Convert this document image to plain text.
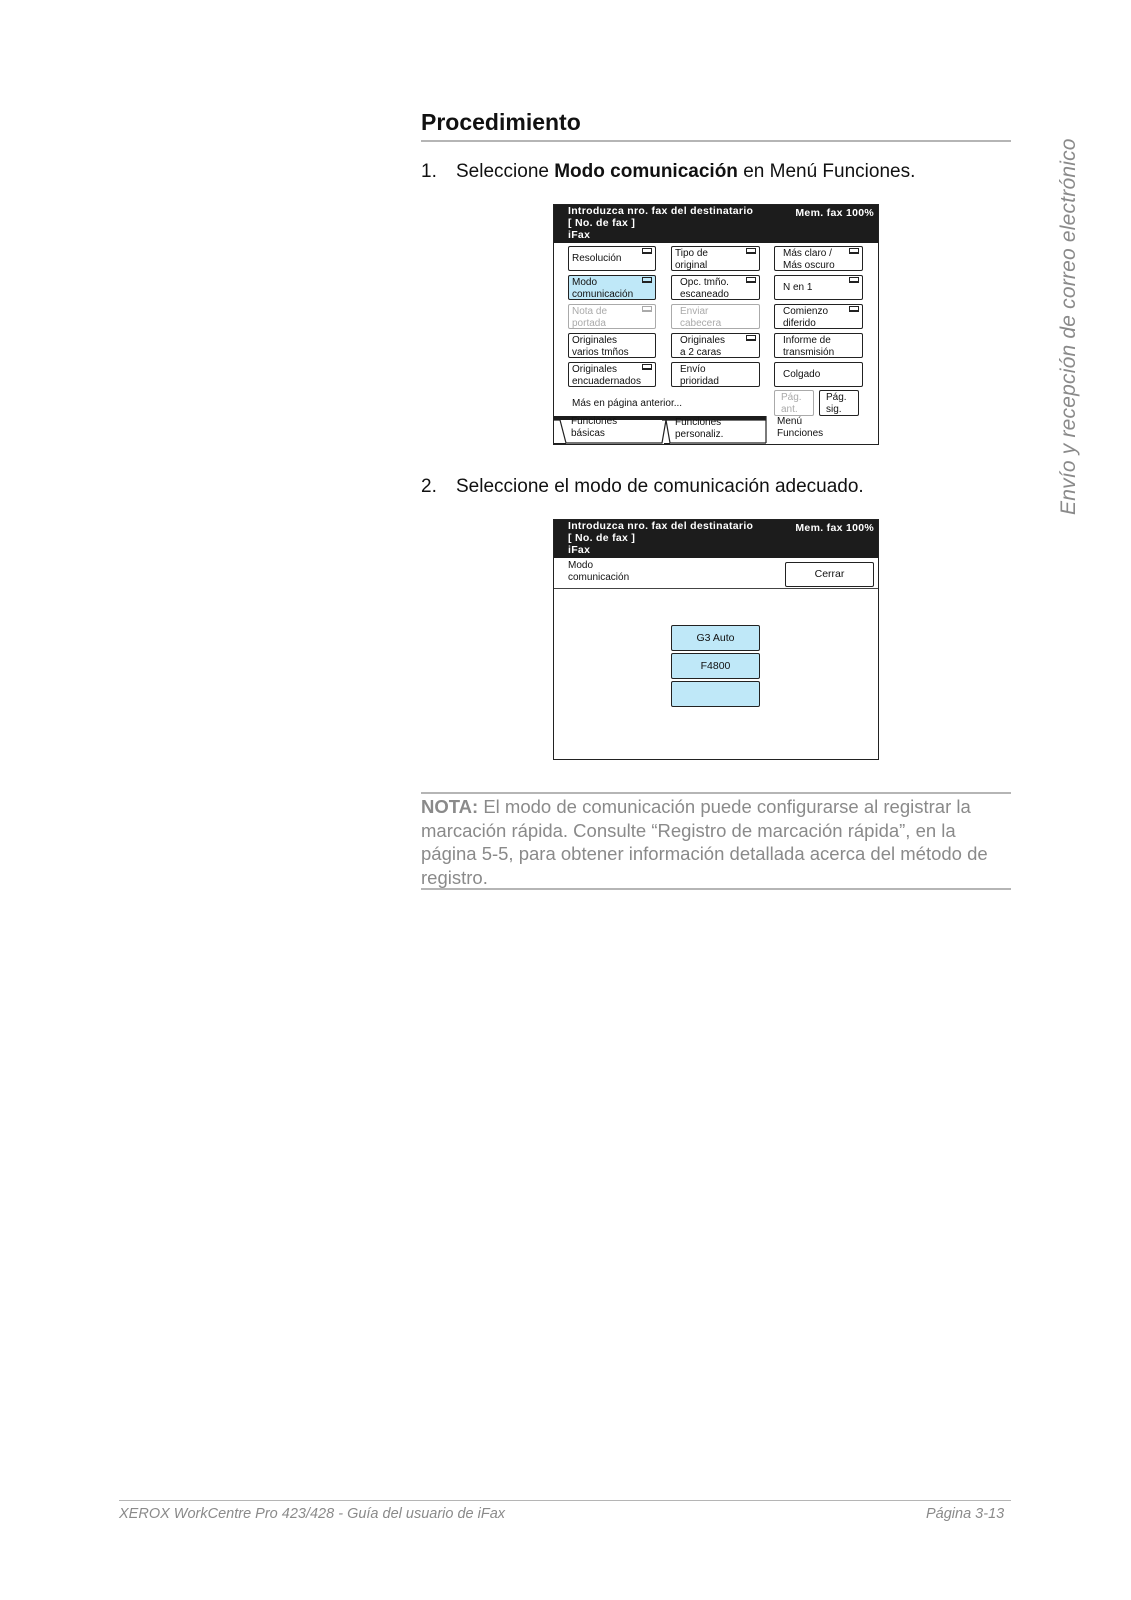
Envío y recepción de correo electrónico
Procedimiento
1. Seleccione Modo comunicación en Menú Funciones.
Introduzca nro. fax del destinatario
[ No. de fax ]
iFax
Mem. fax 100%
Resolución	Tipo de
original
Más claro /
Más oscuro
Modo
comunicación
Opc. tmño.
escaneado
N en 1
Nota de
portada
Enviar
cabecera
Comienzo
diferido
Originales
varios tmños
Originales
a 2 caras
Informe de
transmisión
Originales
encuadernados
Envío
prioridad
Colgado
Más en página anterior...
Pág.
ant.
Pág.
sig.
Funciones
básicas
Funciones
personaliz.
Menú
Funciones
2. Seleccione el modo de comunicación adecuado.
Introduzca nro. fax del destinatario
[ No. de fax ]
iFax
Mem. fax 100%
Modo
comunicación	Cerrar
G3 Auto
F4800
NOTA: El modo de comunicación puede configurarse al registrar la marcación rápida. Consulte “Registro de marcación rápida”, en la página 5-5, para obtener información detallada acerca del método de registro.
XEROX WorkCentre Pro 423/428 - Guía del usuario de iFax	Página 3-13
